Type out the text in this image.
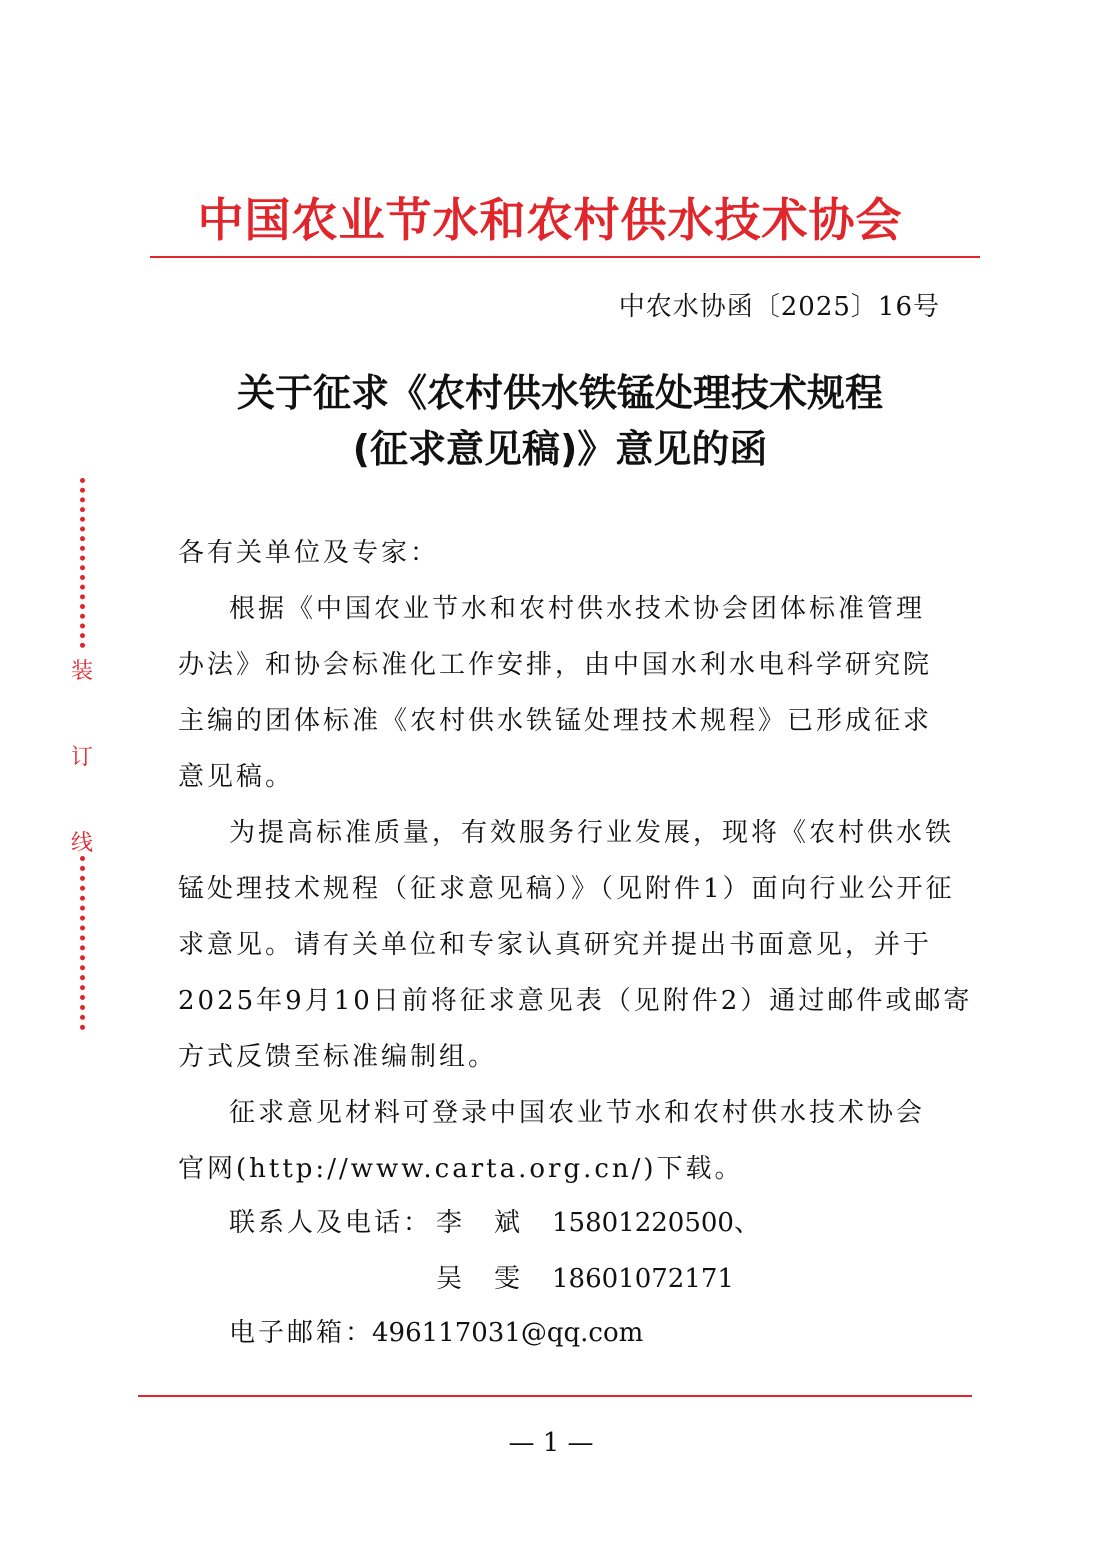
中国农业节水和农村供水技术协会
中农水协函〔2025〕16号
关于征求《农村供水铁锰处理技术规程
(征求意见稿)》意见的函
装
订
线
各有关单位及专家：
根据《中国农业节水和农村供水技术协会团体标准管理
办法》和协会标准化工作安排，由中国水利水电科学研究院
主编的团体标准《农村供水铁锰处理技术规程》已形成征求
意见稿。
为提高标准质量，有效服务行业发展，现将《农村供水铁
锰处理技术规程（征求意见稿）》（见附件1）面向行业公开征
求意见。请有关单位和专家认真研究并提出书面意见，并于
2025年9月10日前将征求意见表（见附件2）通过邮件或邮寄
方式反馈至标准编制组。
征求意见材料可登录中国农业节水和农村供水技术协会
官网(http://www.carta.org.cn/)下载。
联系人及电话： 李　斌 15801220500、
吴　雯 18601072171
电子邮箱：
496117031@qq.com
— 1 —
